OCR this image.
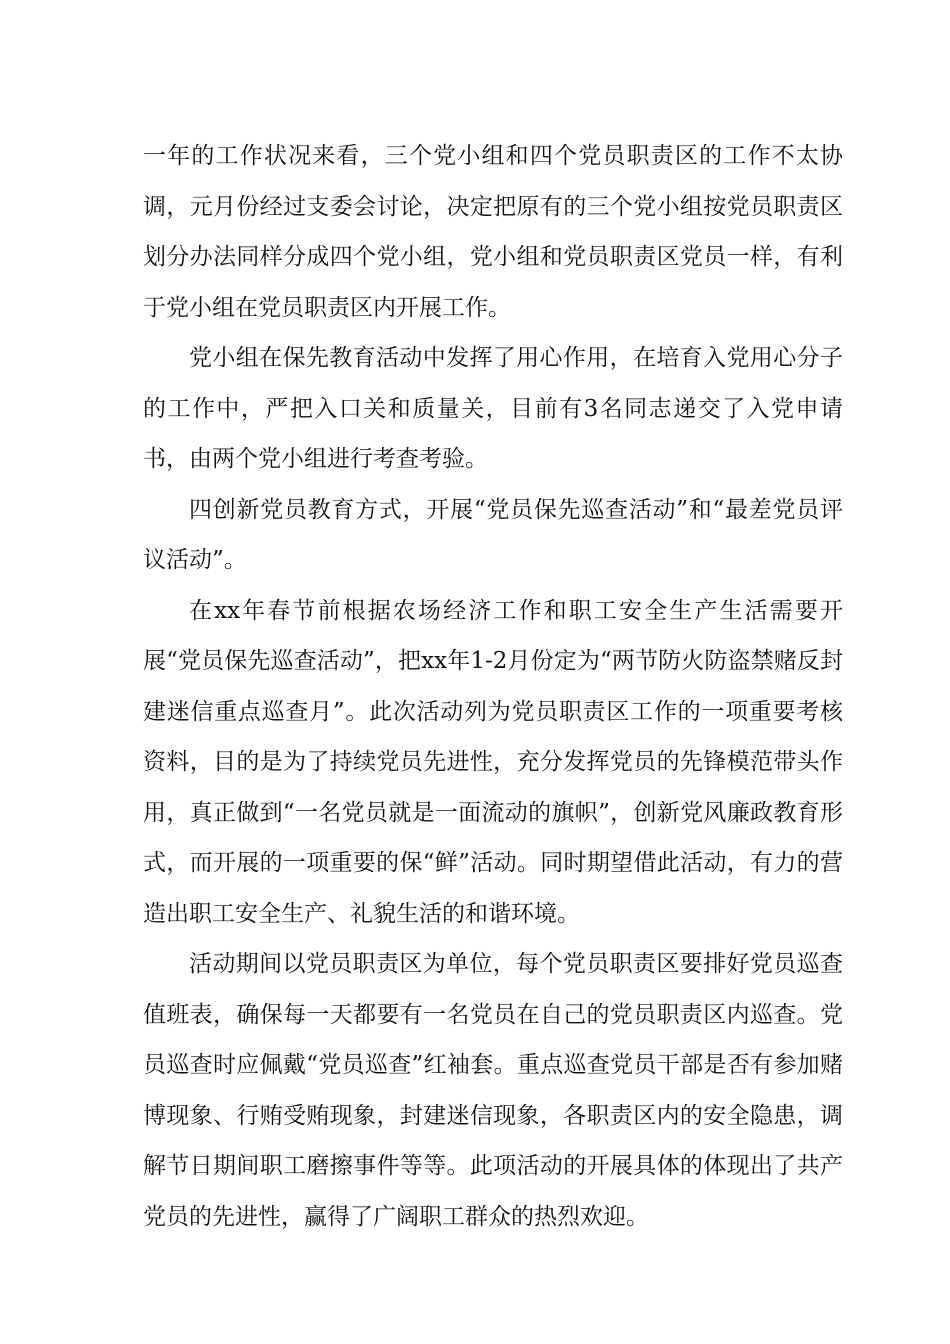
一年的工作状况来看，三个党小组和四个党员职责区的工作不太协调，元月份经过支委会讨论，决定把原有的三个党小组按党员职责区划分办法同样分成四个党小组，党小组和党员职责区党员一样，有利于党小组在党员职责区内开展工作。

党小组在保先教育活动中发挥了用心作用，在培育入党用心分子的工作中，严把入口关和质量关，目前有3名同志递交了入党申请书，由两个党小组进行考查考验。

四创新党员教育方式，开展“党员保先巡查活动”和“最差党员评议活动”。

在xx年春节前根据农场经济工作和职工安全生产生活需要开展“党员保先巡查活动”，把xx年1-2月份定为“两节防火防盗禁赌反封建迷信重点巡查月”。此次活动列为党员职责区工作的一项重要考核资料，目的是为了持续党员先进性，充分发挥党员的先锋模范带头作用，真正做到“一名党员就是一面流动的旗帜”，创新党风廉政教育形式，而开展的一项重要的保“鲜”活动。同时期望借此活动，有力的营造出职工安全生产、礼貌生活的和谐环境。

活动期间以党员职责区为单位，每个党员职责区要排好党员巡查值班表，确保每一天都要有一名党员在自己的党员职责区内巡查。党员巡查时应佩戴“党员巡查”红袖套。重点巡查党员干部是否有参加赌博现象、行贿受贿现象，封建迷信现象，各职责区内的安全隐患，调解节日期间职工磨擦事件等等。此项活动的开展具体的体现出了共产党员的先进性，赢得了广阔职工群众的热烈欢迎。
